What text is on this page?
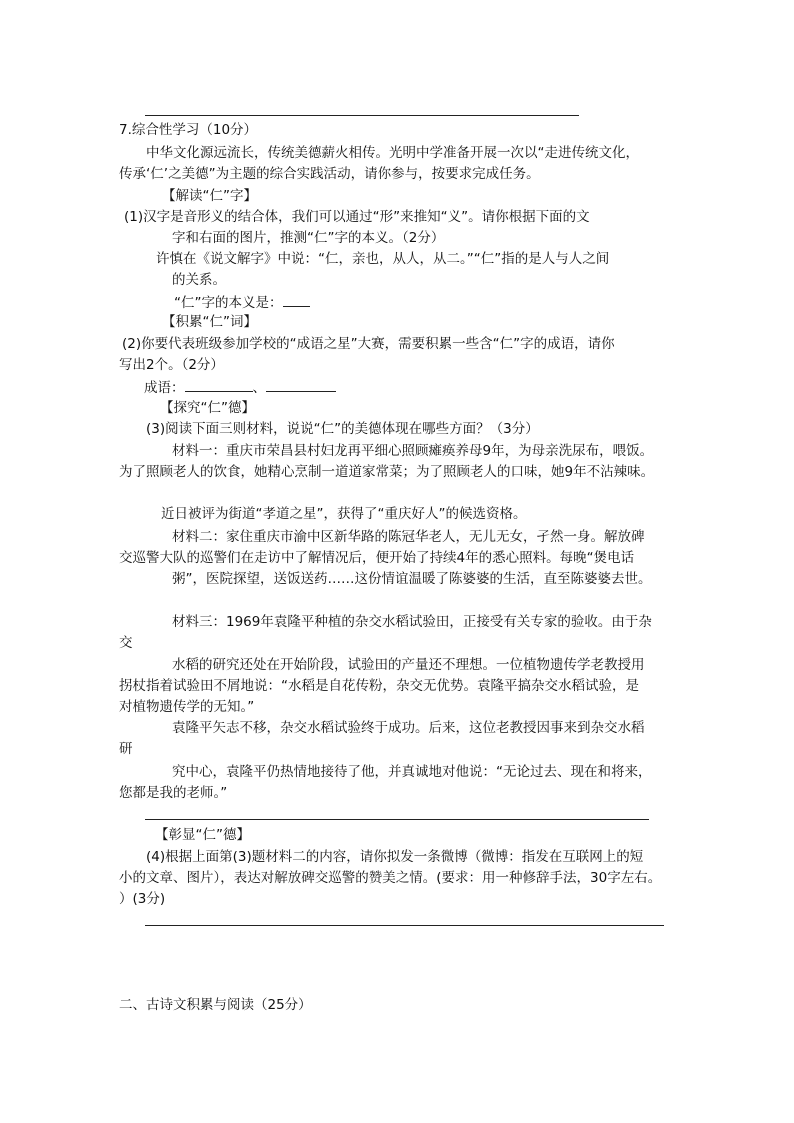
7.综合性学习（10分）
中华文化源远流长，传统美德薪火相传。光明中学准备开展一次以“走进传统文化，
传承‘仁’之美德”为主题的综合实践活动，请你参与，按要求完成任务。
【解读“仁”字】
(1)汉字是音形义的结合体，我们可以通过“形”来推知“义”。请你根据下面的文
字和右面的图片，推测“仁”字的本义。（2分）
许慎在《说文解字》中说：“仁，亲也，从人，从二。”“仁”指的是人与人之间
的关系。
“仁”字的本义是：
【积累“仁”词】
(2)你要代表班级参加学校的“成语之星”大赛，需要积累一些含“仁”字的成语，请你
写出2个。（2分）
成语：	、
【探究“仁”德】
(3)阅读下面三则材料，说说“仁”的美德体现在哪些方面？（3分）
材料一：重庆市荣昌县村妇龙再平细心照顾瘫痪养母9年，为母亲洗尿布，喂饭。
为了照顾老人的饮食，她精心烹制一道道家常菜；为了照顾老人的口味，她9年不沾辣味。
近日被评为街道“孝道之星”，获得了“重庆好人”的候选资格。
材料二：家住重庆市渝中区新华路的陈冠华老人，无儿无女，孑然一身。解放碑
交巡警大队的巡警们在走访中了解情况后，便开始了持续4年的悉心照料。每晚“煲电话
粥”，医院探望，送饭送药……这份情谊温暖了陈婆婆的生活，直至陈婆婆去世。
材料三：1969年袁隆平种植的杂交水稻试验田，正接受有关专家的验收。由于杂
交
水稻的研究还处在开始阶段，试验田的产量还不理想。一位植物遗传学老教授用
拐杖指着试验田不屑地说：“水稻是自花传粉，杂交无优势。袁隆平搞杂交水稻试验，是
对植物遗传学的无知。”
袁隆平矢志不移，杂交水稻试验终于成功。后来，这位老教授因事来到杂交水稻
研
究中心，袁隆平仍热情地接待了他，并真诚地对他说：“无论过去、现在和将来，
您都是我的老师。”
【彰显“仁”德】
(4)根据上面第(3)题材料二的内容，请你拟发一条微博（微博：指发在互联网上的短
小的文章、图片），表达对解放碑交巡警的赞美之情。(要求：用一种修辞手法，30字左右。
）(3分)
二、古诗文积累与阅读（25分）
